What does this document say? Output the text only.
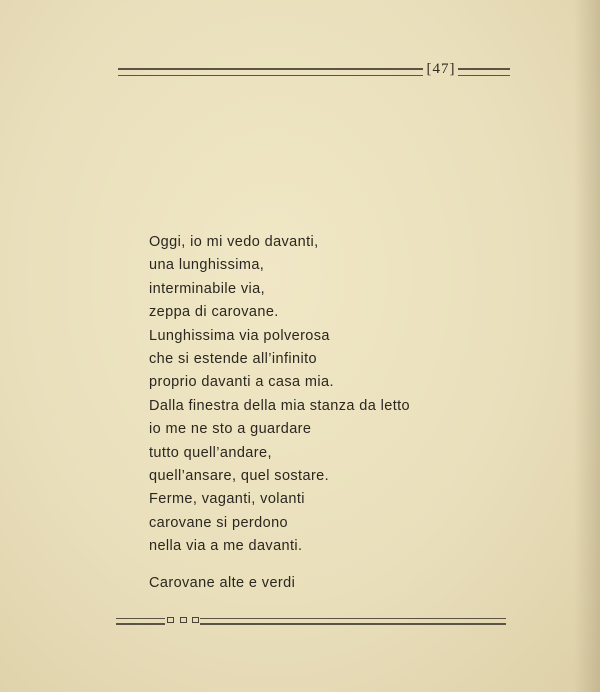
[47]
Oggi, io mi vedo davanti,
una lunghissima,
interminabile via,
zeppa di carovane.
Lunghissima via polverosa
che si estende all’infinito
proprio davanti a casa mia.
Dalla finestra della mia stanza da letto
io me ne sto a guardare
tutto quell’andare,
quell’ansare, quel sostare.
Ferme, vaganti, volanti
carovane si perdono
nella via a me davanti.
Carovane alte e verdi
